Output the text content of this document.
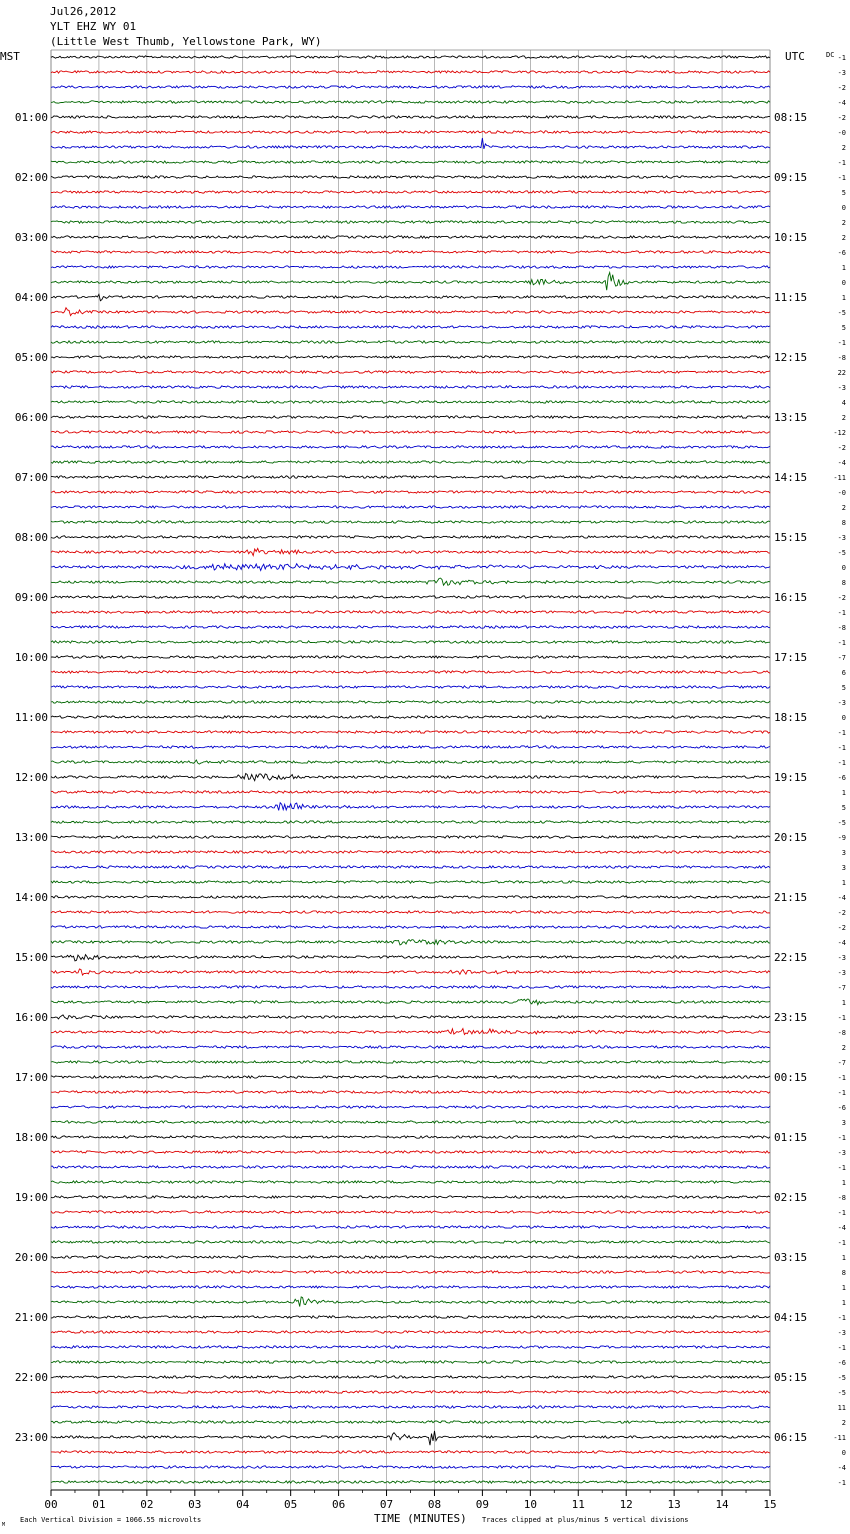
Jul26,2012
YLT EHZ WY 01
(Little West Thumb, Yellowstone Park, WY)
MST	UTC	DC
TIME (MINUTES)
Each Vertical Division = 1066.55 microvolts	Traces clipped at plus/minus 5 vertical divisions
M
00	01	02	03	04	05	06	07	08	09	10	11	12	13	14	15
01:00
02:00
03:00
04:00
05:00
06:00
07:00
08:00
09:00
10:00
11:00
12:00
13:00
14:00
15:00
16:00
17:00
18:00
19:00
20:00
21:00
22:00
23:00
08:15
09:15
10:15
11:15
12:15
13:15
14:15
15:15
16:15
17:15
18:15
19:15
20:15
21:15
22:15
23:15
00:15
01:15
02:15
03:15
04:15
05:15
06:15
-1
-3
-2
-4
-2
-0
2
-1
-1
5
0
2
2
-6
1
0
1
-5
5
-1
-8
22
-3
4
2
-12
-2
-4
-11
-0
2
8
-3
-5
0
8
-2
-1
-8
-1
-7
6
5
-3
0
-1
-1
-1
-6
1
5
-5
-9
3
3
1
-4
-2
-2
-4
-3
-3
-7
1
-1
-8
2
-7
-1
-1
-6
3
-1
-3
-1
1
-8
-1
-4
-1
1
8
1
1
-1
-3
-1
-6
-5
-5
11
2
-11
0
-4
-1
